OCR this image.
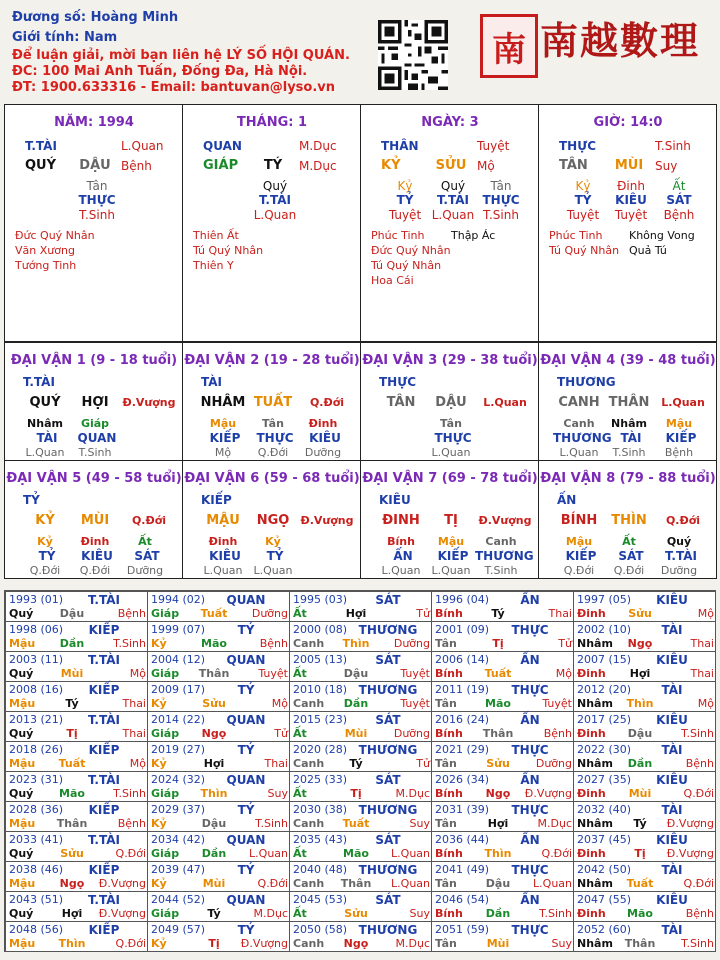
Đương số: Hoàng Minh
Giới tính: Nam
Để luận giải, mời bạn liên hệ LÝ SỐ HỘI QUÁN.
ĐC: 100 Mai Anh Tuấn, Đống Đa, Hà Nội.
ĐT: 1900.633316 - Email: bantuvan@lyso.vn
南 南越數理
NĂM: 1994
T.TÀI	L.Quan
QUÝ	DẬU Bệnh
Tân
THỰC
T.Sinh
Đức Quý Nhân
Văn Xương
Tướng Tinh
THÁNG: 1
QUAN	M.Dục
GIÁP	TÝ	M.Dục
Quý
T.TÀI
L.Quan
Thiên Ất
Tú Quý Nhân
Thiên Y
NGÀY: 3
THÂN	Tuyệt
KỶ	SỬU Mộ
Kỷ
TỶ
Tuyệt
Quý
T.TÀI
L.Quan
Tân
THỰC
T.Sinh
Phúc Tinh Thập Ác
Đức Quý Nhân
Tú Quý Nhân
Hoa Cái
GIỜ: 14:0
THỰC	T.Sinh
TÂN	MÙI Suy
Kỷ
TỶ
Tuyệt
Đinh
KIÊU
Tuyệt
Ất
SÁT
Bệnh
Phúc Tinh Không Vong
Tú Quý Nhân Quả Tú
ĐẠI VẬN 1 (9 - 18 tuổi)
T.TÀI
QUÝ	HỢI	Đ.Vượng
Nhâm
TÀI
L.Quan
Giáp
QUAN
T.Sinh
ĐẠI VẬN 2 (19 - 28 tuổi)
TÀI
NHÂM TUẤT	Q.Đới
Mậu
KIẾP
Mộ
Tân
THỰC
Q.Đới
Đinh
KIÊU
Dưỡng
ĐẠI VẬN 3 (29 - 38 tuổi)
THỰC
TÂN	DẬU	L.Quan
Tân
THỰC
L.Quan
ĐẠI VẬN 4 (39 - 48 tuổi)
THƯƠNG
CANH THÂN	L.Quan
Canh
THƯƠNG
L.Quan
Nhâm
TÀI
T.Sinh
Mậu
KIẾP
Bệnh
ĐẠI VẬN 5 (49 - 58 tuổi)
TỶ
KỶ	MÙI	Q.Đới
Kỷ
TỶ
Q.Đới
Đinh
KIÊU
Q.Đới
Ất
SÁT
Dưỡng
ĐẠI VẬN 6 (59 - 68 tuổi)
KIẾP
MẬU	NGỌ	Đ.Vượng
Đinh
KIÊU
L.Quan
Kỷ
TỶ
L.Quan
ĐẠI VẬN 7 (69 - 78 tuổi)
KIÊU
ĐINH	TỊ	Đ.Vượng
Bính
ẤN
L.Quan
Mậu
KIẾP
L.Quan
Canh
THƯƠNG
T.Sinh
ĐẠI VẬN 8 (79 - 88 tuổi)
ẤN
BÍNH	THÌN	Q.Đới
Mậu
KIẾP
Q.Đới
Ất
SÁT
Q.Đới
Quý
T.TÀI
Dưỡng
1993 (01)	T.TÀI
Quý	Dậu	Bệnh
1994 (02)	QUAN
Giáp	Tuất	Dưỡng
1995 (03)	SÁT
Ất	Hợi	Tử
1996 (04)	ẤN
Bính	Tý	Thai
1997 (05)	KIÊU
Đinh	Sửu	Mộ
1998 (06)	KIẾP
Mậu	Dần	T.Sinh
1999 (07)	TỶ
Kỷ	Mão	Bệnh
2000 (08) THƯƠNG
Canh	Thìn	Dưỡng
2001 (09)	THỰC
Tân	Tị	Tử
2002 (10)	TÀI
Nhâm	Ngọ	Thai
2003 (11)	T.TÀI
Quý	Mùi	Mộ
2004 (12)	QUAN
Giáp	Thân	Tuyệt
2005 (13)	SÁT
Ất	Dậu	Tuyệt
2006 (14)	ẤN
Bính	Tuất	Mộ
2007 (15)	KIÊU
Đinh	Hợi	Thai
2008 (16)	KIẾP
Mậu	Tý	Thai
2009 (17)	TỶ
Kỷ	Sửu	Mộ
2010 (18) THƯƠNG
Canh	Dần	Tuyệt
2011 (19)	THỰC
Tân	Mão	Tuyệt
2012 (20)	TÀI
Nhâm	Thìn	Mộ
2013 (21)	T.TÀI
Quý	Tị	Thai
2014 (22)	QUAN
Giáp	Ngọ	Tử
2015 (23)	SÁT
Ất	Mùi	Dưỡng
2016 (24)	ẤN
Bính	Thân	Bệnh
2017 (25)	KIÊU
Đinh	Dậu	T.Sinh
2018 (26)	KIẾP
Mậu	Tuất	Mộ
2019 (27)	TỶ
Kỷ	Hợi	Thai
2020 (28) THƯƠNG
Canh	Tý	Tử
2021 (29)	THỰC
Tân	Sửu	Dưỡng
2022 (30)	TÀI
Nhâm	Dần	Bệnh
2023 (31)	T.TÀI
Quý	Mão	T.Sinh
2024 (32)	QUAN
Giáp	Thìn	Suy
2025 (33)	SÁT
Ất	Tị	M.Dục
2026 (34)	ẤN
Bính	Ngọ	Đ.Vượng
2027 (35)	KIÊU
Đinh	Mùi	Q.Đới
2028 (36)	KIẾP
Mậu	Thân	Bệnh
2029 (37)	TỶ
Kỷ	Dậu	T.Sinh
2030 (38) THƯƠNG
Canh	Tuất	Suy
2031 (39)	THỰC
Tân	Hợi	M.Dục
2032 (40)	TÀI
Nhâm	Tý	Đ.Vượng
2033 (41)	T.TÀI
Quý	Sửu	Q.Đới
2034 (42)	QUAN
Giáp	Dần	L.Quan
2035 (43)	SÁT
Ất	Mão	L.Quan
2036 (44)	ẤN
Bính	Thìn	Q.Đới
2037 (45)	KIÊU
Đinh	Tị	Đ.Vượng
2038 (46)	KIẾP
Mậu	Ngọ	Đ.Vượng
2039 (47)	TỶ
Kỷ	Mùi	Q.Đới
2040 (48) THƯƠNG
Canh	Thân	L.Quan
2041 (49)	THỰC
Tân	Dậu	L.Quan
2042 (50)	TÀI
Nhâm	Tuất	Q.Đới
2043 (51)	T.TÀI
Quý	Hợi	Đ.Vượng
2044 (52)	QUAN
Giáp	Tý	M.Dục
2045 (53)	SÁT
Ất	Sửu	Suy
2046 (54)	ẤN
Bính	Dần	T.Sinh
2047 (55)	KIÊU
Đinh	Mão	Bệnh
2048 (56)	KIẾP
Mậu	Thìn	Q.Đới
2049 (57)	TỶ
Kỷ	Tị	Đ.Vượng
2050 (58) THƯƠNG
Canh	Ngọ	M.Dục
2051 (59)	THỰC
Tân	Mùi	Suy
2052 (60)	TÀI
Nhâm	Thân	T.Sinh
